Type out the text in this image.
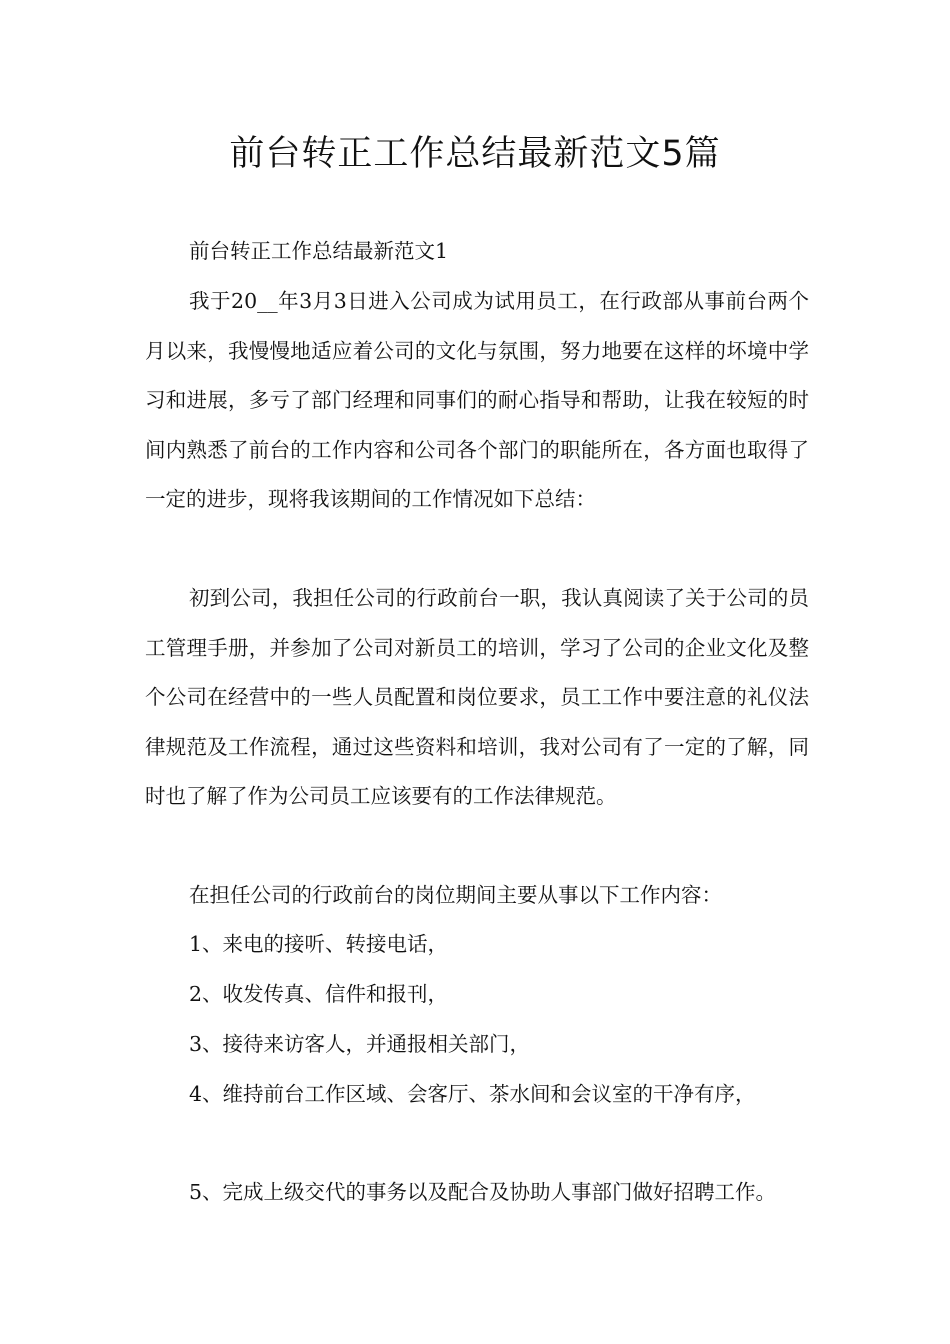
前台转正工作总结最新范文5篇

前台转正工作总结最新范文1

我于20__年3月3日进入公司成为试用员工，在行政部从事前台两个月以来，我慢慢地适应着公司的文化与氛围，努力地要在这样的坏境中学习和进展，多亏了部门经理和同事们的耐心指导和帮助，让我在较短的时间内熟悉了前台的工作内容和公司各个部门的职能所在，各方面也取得了一定的进步，现将我该期间的工作情况如下总结：

初到公司，我担任公司的行政前台一职，我认真阅读了关于公司的员工管理手册，并参加了公司对新员工的培训，学习了公司的企业文化及整个公司在经营中的一些人员配置和岗位要求，员工工作中要注意的礼仪法律规范及工作流程，通过这些资料和培训，我对公司有了一定的了解，同时也了解了作为公司员工应该要有的工作法律规范。

在担任公司的行政前台的岗位期间主要从事以下工作内容：

1、来电的接听、转接电话，

2、收发传真、信件和报刊，

3、接待来访客人，并通报相关部门，

4、维持前台工作区域、会客厅、茶水间和会议室的干净有序，

5、完成上级交代的事务以及配合及协助人事部门做好招聘工作。
